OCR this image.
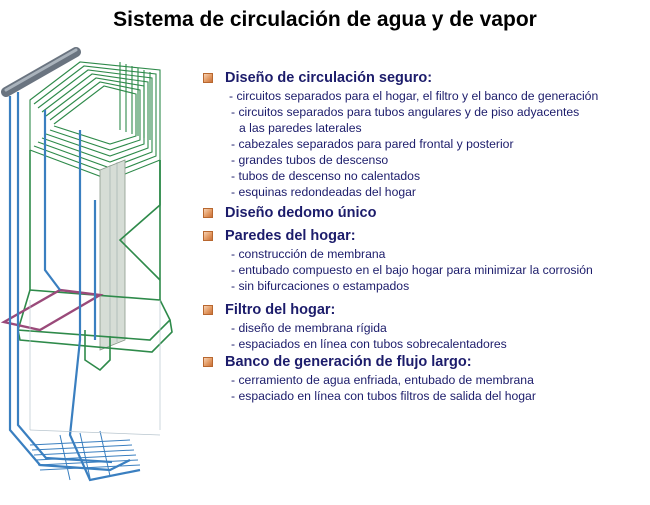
Sistema de circulación de agua y de vapor
Diseño de circulación seguro:
- circuitos separados para el hogar, el filtro y el banco de generación
- circuitos separados para tubos angulares y de piso adyacentes
a las paredes laterales
- cabezales separados para pared frontal y posterior
- grandes tubos de descenso
- tubos de descenso no calentados
- esquinas redondeadas del hogar
Diseño dedomo único
Paredes del hogar:
- construcción de membrana
- entubado compuesto en el bajo hogar para minimizar la corrosión
- sin bifurcaciones o estampados
Filtro del hogar:
- diseño de membrana rígida
- espaciados en línea con tubos sobrecalentadores
Banco de generación de flujo largo:
- cerramiento de agua enfriada, entubado de membrana
- espaciado en línea con tubos filtros de salida del hogar
